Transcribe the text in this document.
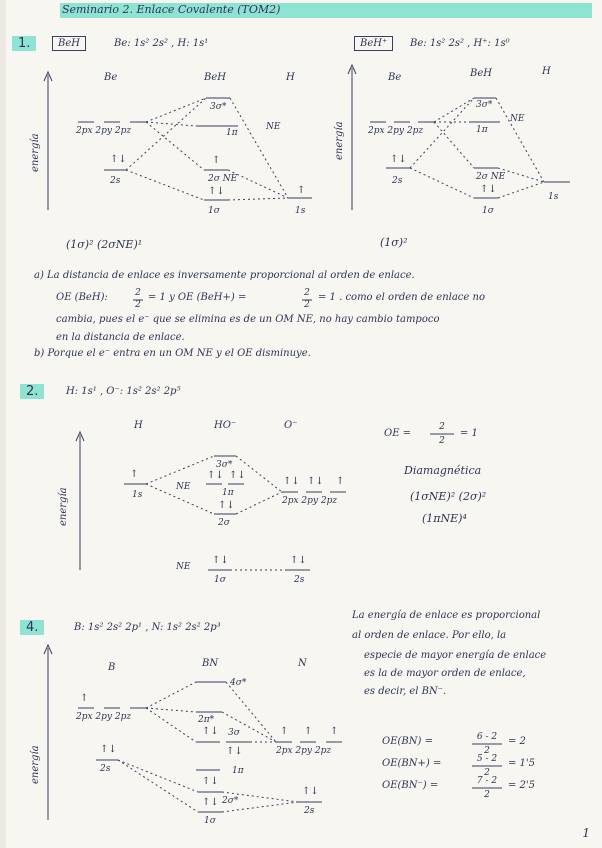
Seminario 2. Enlace Covalente (TOM2)
1.	BeH	Be: 1s² 2s² , H: 1s¹
Be	BeH	H
energía
3σ*
1π
NE
2px 2py 2pz
↑↓
2s
↑
2σ NE
↑↓
1σ
↑
1s
(1σ)² (2σNE)¹
BeH⁺	Be: 1s² 2s² , H⁺: 1s⁰
Be	BeH	H
energía
3σ*
1π
NE
2px 2py 2pz
↑↓
2s	2σ NE
↑↓
1σ
1s
(1σ)²
a) La distancia de enlace es inversamente proporcional al orden de enlace.
OE (BeH):	2
2
= 1 y OE (BeH+) =	2
2
= 1 . como el orden de enlace no
cambia, pues el e⁻ que se elimina es de un OM NE, no hay cambio tampoco
en la distancia de enlace.
b) Porque el e⁻ entra en un OM NE y el OE disminuye.
2.	H: 1s¹ , O⁻: 1s² 2s² 2p⁵
H	HO⁻	O⁻
energía
↑
1s
NE
3σ*
↑↓ ↑↓
1π
↑↓
2σ
↑↓ ↑↓ ↑
2px 2py 2pz
NE
↑↓
1σ
↑↓
2s
OE =
2
2
= 1
Diamagnética
(1σNE)² (2σ)²
(1πNE)⁴
4.	B: 1s² 2s² 2p¹ , N: 1s² 2s² 2p³
B	BN	N
energía
4σ*
↑
2px 2py 2pz	2π*
↑↓ 3σ
↑↓
1π
↑↓
2s
↑ ↑ ↑
2px 2py 2pz
↑↓
↑↓ 2σ*
1σ
↑↓
2s
La energía de enlace es proporcional
al orden de enlace. Por ello, la
especie de mayor energía de enlace
es la de mayor orden de enlace,
es decir, el BN⁻.
OE(BN) =	6 - 2
2
= 2
OE(BN+) =	5 - 2
2
= 1'5
OE(BN⁻) =	7 - 2
2
= 2'5
1
